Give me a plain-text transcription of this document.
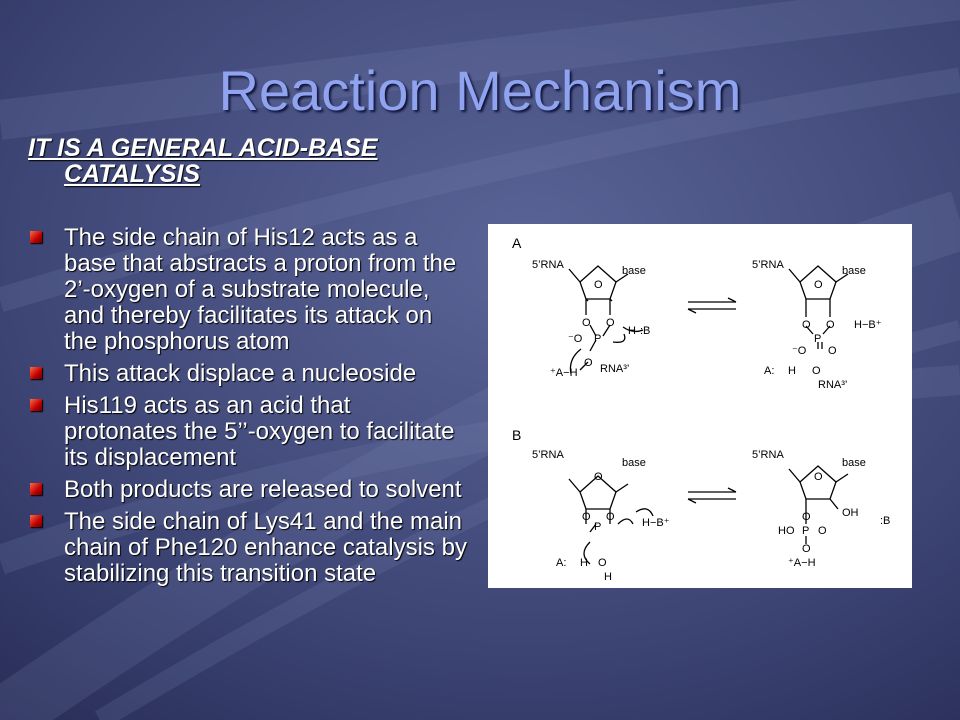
Reaction Mechanism
IT IS A GENERAL ACID-BASE
CATALYSIS
The side chain of His12 acts as a base that abstracts a proton from the 2’-oxygen of a substrate molecule, and thereby facilitates its attack on the phosphorus atom
This attack displace a nucleoside
His119 acts as an acid that protonates the 5’’-oxygen to facilitate its displacement
Both products are released to solvent
The side chain of Lys41 and the main chain of Phe120 enhance catalysis by stabilizing this transition state
A
5’RNA	base
O
O O
P
⁻O
H :B
O RNA³’
⁺A−H
5’RNA	base
O
O O
P
⁻O O
H−B⁺
A: H O
RNA³’
B
5’RNA
base
O
O O
P	H−B⁺
A: H O
H
5’RNA
base
O
O	OH
HO P O
O
:B
⁺A−H
